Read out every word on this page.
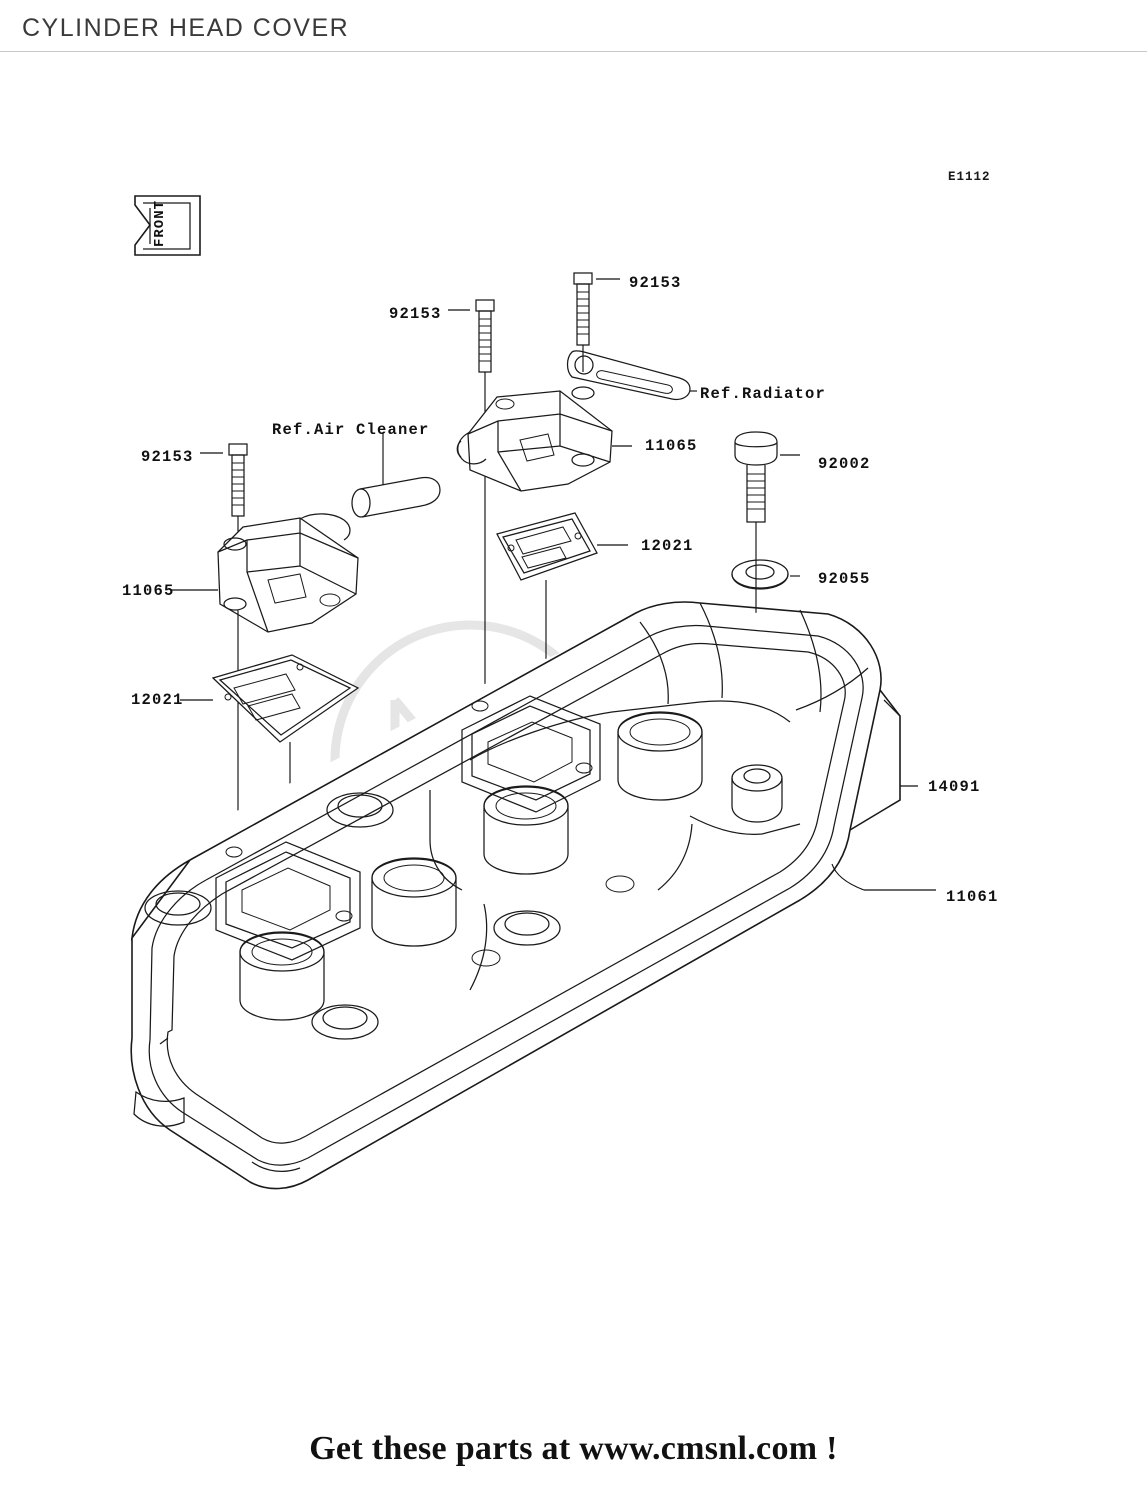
CYLINDER HEAD COVER
E1112
FRONT
92153
92153
92153
Ref.Radiator
Ref.Air Cleaner
11065
92002
12021
92055
11065
12021
14091
11061
Get these parts at www.cmsnl.com !
